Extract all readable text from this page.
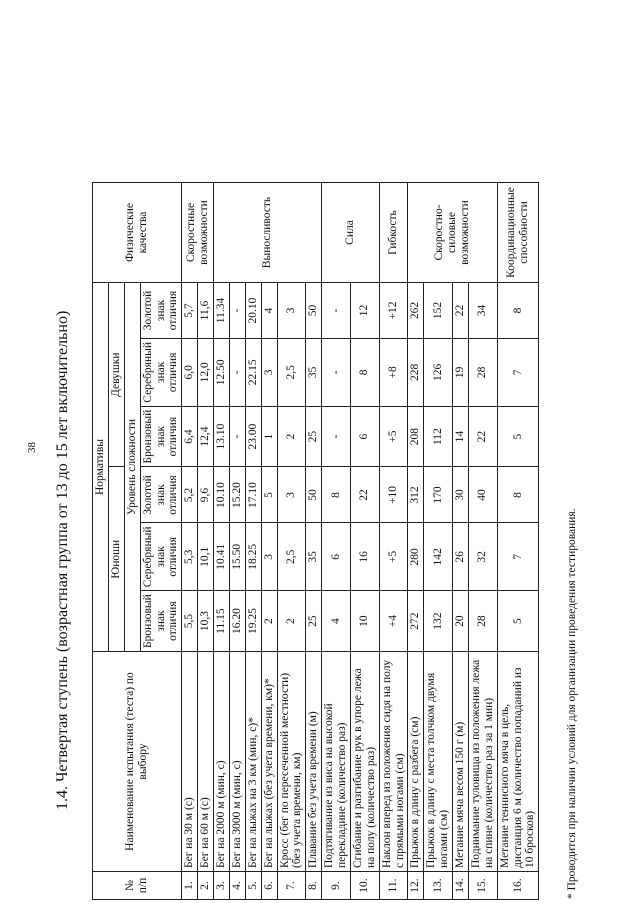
38 1.4. Четвертая ступень (возрастная группа от 13 до 15 лет включительно)
№ п/п	Наименование испытания (теста) по выбору	Нормативы						Физические качества
		Юноши			Девушки			
		Уровень сложности						
		Бронзовый знак отличия	Серебряный знак отличия	Золотой знак отличия	Бронзовый знак отличия	Серебряный знак отличия	Золотой знак отличия	
1.	Бег на 30 м (с)	5,5	5,3	5,2	6,4	6,0	5,7	Скоростные возможности
2.	Бег на 60 м (с)	10,3	10,1	9,6	12,4	12,0	11,6	
3.	Бег на 2000 м (мин, с)	11.15	10.41	10.10	13.10	12.50	11.34	Выносливость
4.	Бег на 3000 м (мин, с)	16.20	15.50	15.20	-	-	-	
5.	Бег на лыжах на 3 км (мин, с)*	19.25	18.25	17.10	23.00	22.15	20.10	
6.	Бег на лыжах (без учета времени, км)*	2	3	5	1	3	4	
7.	Кросс (бег по пересеченной местности) (без учета времени, км)	2	2,5	3	2	2,5	3	
8.	Плавание без учета времени (м)	25	35	50	25	35	50	
9.	Подтягивание из виса на высокой перекладине (количество раз)	4	6	8	-	-	-	Сила
10.	Сгибание и разгибание рук в упоре лежа на полу (количество раз)	10	16	22	6	8	12	
11.	Наклон вперед из положения сидя на полу с прямыми ногами (см)	+4	+5	+10	+5	+8	+12	Гибкость
12.	Прыжок в длину с разбега (см)	272	280	312	208	228	262	Скоростно-силовые возможности
13.	Прыжок в длину с места толчком двумя ногами (см)	132	142	170	112	126	152	
14.	Метание мяча весом 150 г (м)	20	26	30	14	19	22	
15.	Поднимание туловища из положения лежа на спине (количество раз за 1 мин)	28	32	40	22	28	34	
16.	Метание теннисного мяча в цель, дистанция 6 м (количество попаданий из 10 бросков)	5	7	8	5	7	8	Координационные способности
* Проводится при наличии условий для организации проведения тестирования.
